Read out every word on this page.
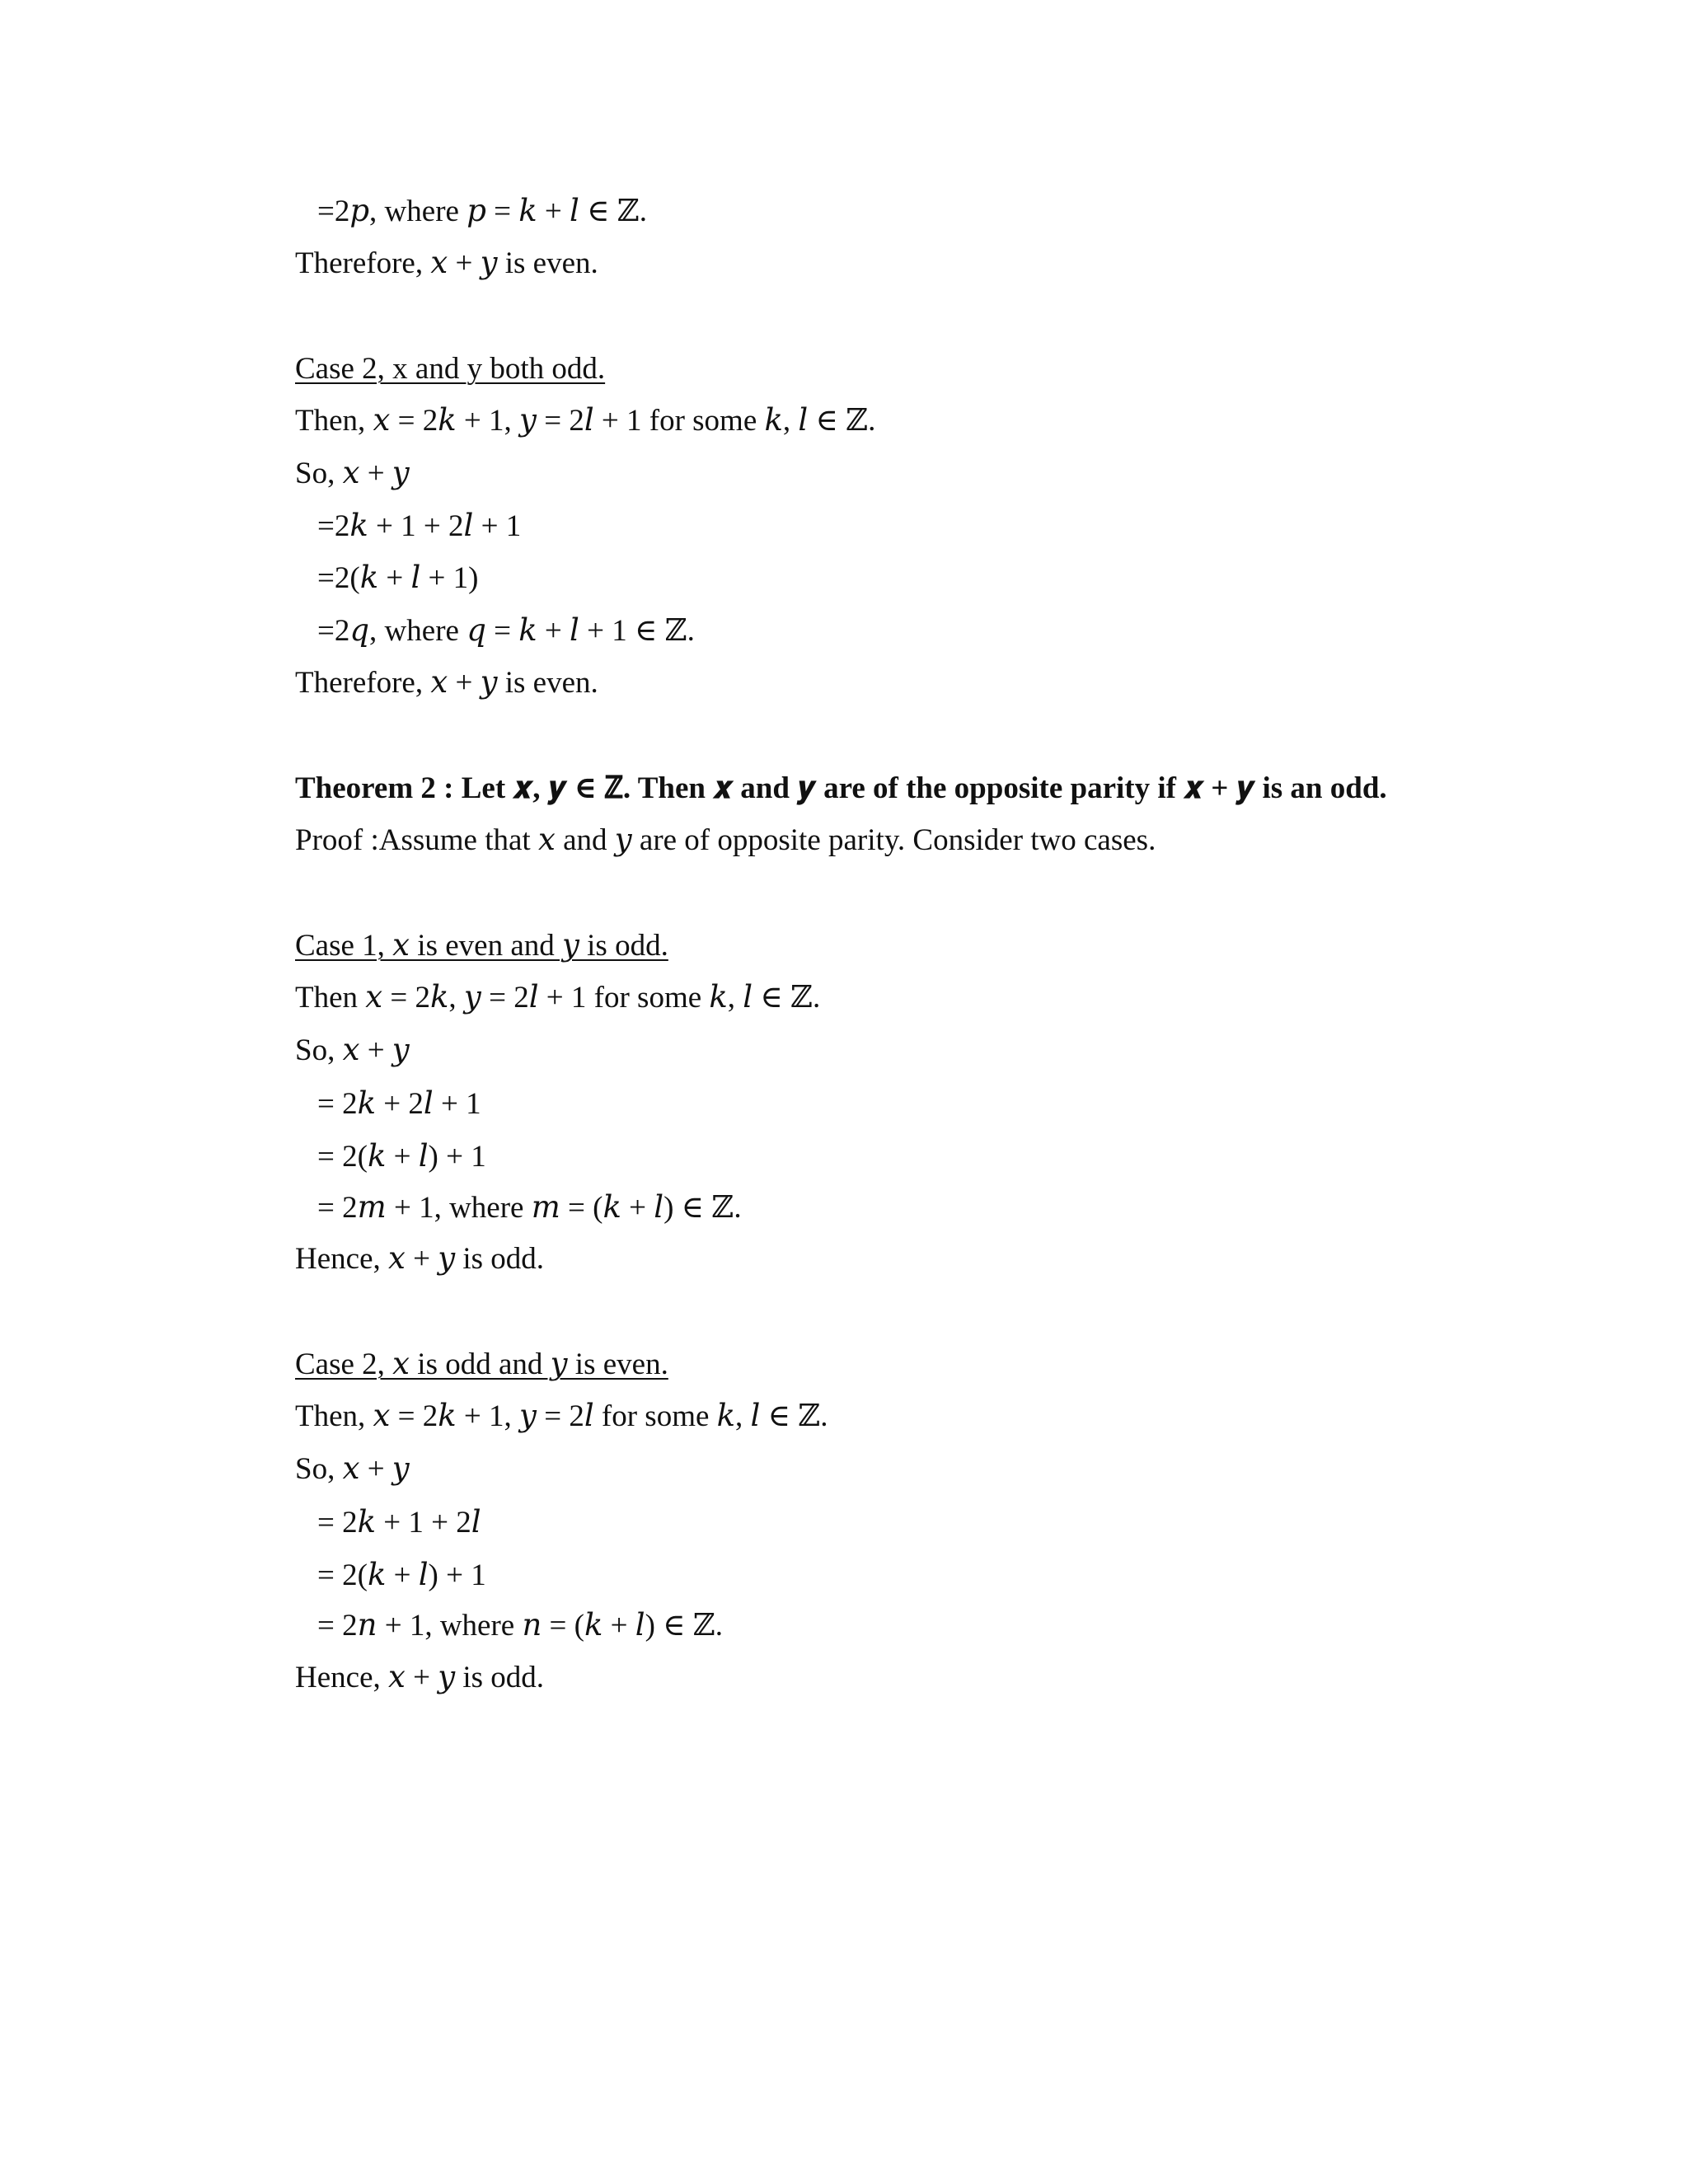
=2𝑝, where 𝑝 = 𝑘 + 𝑙 ∈ ℤ.
Therefore, 𝑥 + 𝑦 is even.
Case 2, x and y both odd.
Then, 𝑥 = 2𝑘 + 1, 𝑦 = 2𝑙 + 1 for some 𝑘, 𝑙 ∈ ℤ.
So, 𝑥 + 𝑦
=2𝑘 + 1 + 2𝑙 + 1
=2(𝑘 + 𝑙 + 1)
=2𝑞, where 𝑞 = 𝑘 + 𝑙 + 1 ∈ ℤ.
Therefore, 𝑥 + 𝑦 is even.
Theorem 2 : Let 𝒙, 𝒚 ∈ ℤ. Then 𝒙 and 𝒚 are of the opposite parity if 𝒙 + 𝒚 is an odd.
Proof :Assume that 𝑥 and 𝑦 are of opposite parity. Consider two cases.
Case 1, 𝑥 is even and 𝑦 is odd.
Then 𝑥 = 2𝑘, 𝑦 = 2𝑙 + 1 for some 𝑘, 𝑙 ∈ ℤ.
So, 𝑥 + 𝑦
= 2𝑘 + 2𝑙 + 1
= 2(𝑘 + 𝑙) + 1
= 2𝑚 + 1, where 𝑚 = (𝑘 + 𝑙) ∈ ℤ.
Hence, 𝑥 + 𝑦 is odd.
Case 2, 𝑥 is odd and 𝑦 is even.
Then, 𝑥 = 2𝑘 + 1, 𝑦 = 2𝑙 for some 𝑘, 𝑙 ∈ ℤ.
So, 𝑥 + 𝑦
= 2𝑘 + 1 + 2𝑙
= 2(𝑘 + 𝑙) + 1
= 2𝑛 + 1, where 𝑛 = (𝑘 + 𝑙) ∈ ℤ.
Hence, 𝑥 + 𝑦 is odd.
